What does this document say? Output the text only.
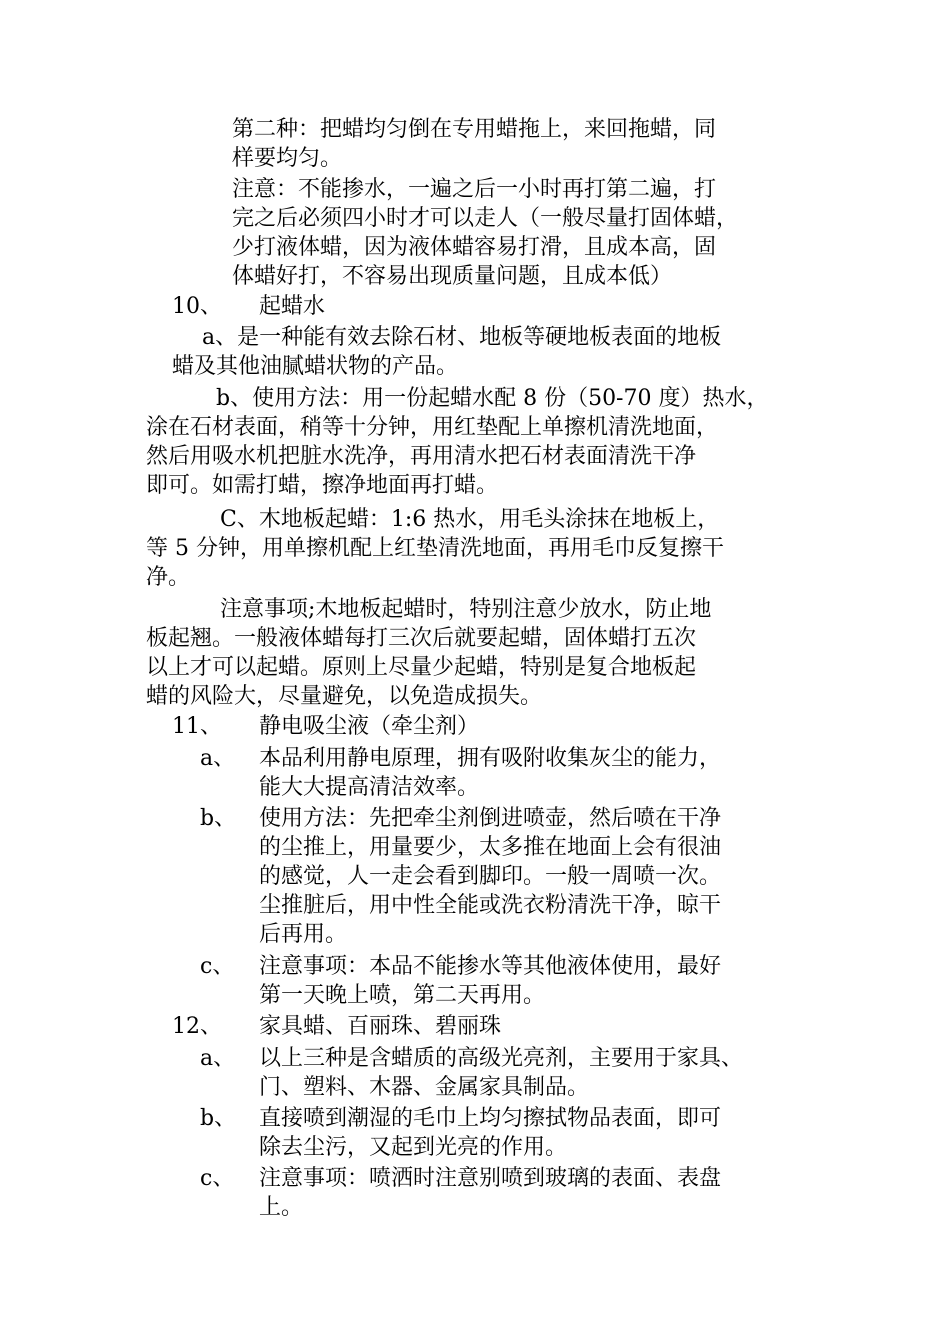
第二种：把蜡均匀倒在专用蜡拖上，来回拖蜡，同
样要均匀。
注意：不能掺水，一遍之后一小时再打第二遍，打
完之后必须四小时才可以走人（一般尽量打固体蜡，
少打液体蜡，因为液体蜡容易打滑，且成本高，固
体蜡好打，不容易出现质量问题，且成本低）
10、 起蜡水
a、是一种能有效去除石材、地板等硬地板表面的地板
蜡及其他油腻蜡状物的产品。
b、使用方法：用一份起蜡水配 8 份（50-70 度）热水，
涂在石材表面，稍等十分钟，用红垫配上单擦机清洗地面，
然后用吸水机把脏水洗净，再用清水把石材表面清洗干净
即可。如需打蜡，擦净地面再打蜡。
C、木地板起蜡：1:6 热水，用毛头涂抹在地板上，
等 5 分钟，用单擦机配上红垫清洗地面，再用毛巾反复擦干
净。
注意事项;木地板起蜡时，特别注意少放水，防止地
板起翘。一般液体蜡每打三次后就要起蜡，固体蜡打五次
以上才可以起蜡。原则上尽量少起蜡，特别是复合地板起
蜡的风险大，尽量避免，以免造成损失。
11、 静电吸尘液（牵尘剂）
a、 本品利用静电原理，拥有吸附收集灰尘的能力，
能大大提高清洁效率。
b、 使用方法：先把牵尘剂倒进喷壶，然后喷在干净
的尘推上，用量要少，太多推在地面上会有很油
的感觉，人一走会看到脚印。一般一周喷一次。
尘推脏后，用中性全能或洗衣粉清洗干净，晾干
后再用。
c、 注意事项：本品不能掺水等其他液体使用，最好
第一天晚上喷，第二天再用。
12、 家具蜡、百丽珠、碧丽珠
a、 以上三种是含蜡质的高级光亮剂，主要用于家具、
门、塑料、木器、金属家具制品。
b、 直接喷到潮湿的毛巾上均匀擦拭物品表面，即可
除去尘污，又起到光亮的作用。
c、 注意事项：喷洒时注意别喷到玻璃的表面、表盘
上。
